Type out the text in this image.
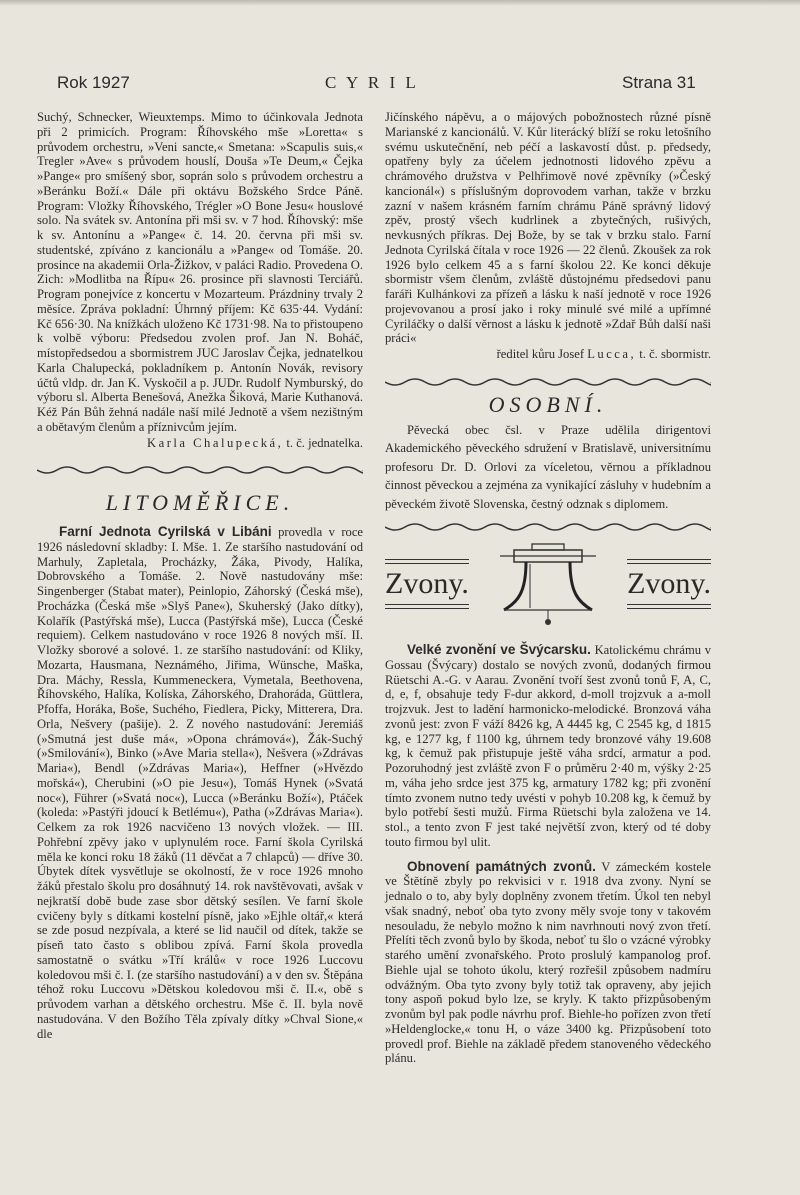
Rok 1927	C Y R I L	Strana 31

Suchý, Schnecker, Wieuxtemps. Mimo to účinkovala Jednota při 2 primicích. Program: Říhovského mše »Loretta« s průvodem orchestru, »Veni sancte,« Smetana: »Scapulis suis,« Tregler »Ave« s průvodem houslí, Douša »Te Deum,« Čejka »Pange« pro smíšený sbor, soprán solo s průvodem orchestru a »Beránku Boží.« Dále při oktávu Božského Srdce Páně. Program: Vložky Říhovského, Trégler »O Bone Jesu« houslové solo. Na svátek sv. Antonína při mši sv. v 7 hod. Říhovský: mše k sv. Antonínu a »Pange« č. 14. 20. června při mši sv. studentské, zpíváno z kancionálu a »Pange« od Tomáše. 20. prosince na akademii Orla-Žižkov, v paláci Radio. Provedena O. Zich: »Modlitba na Řípu« 26. prosince při slavnosti Terciářů. Program ponejvíce z koncertu v Mozarteum. Prázdniny trvaly 2 měsíce. Zpráva pokladní: Úhrnný příjem: Kč 635·44. Vydání: Kč 656·30. Na knížkách uloženo Kč 1731·98. Na to přistoupeno k volbě výboru: Předsedou zvolen prof. Jan N. Boháč, místopředsedou a sbormistrem JUC Jaroslav Čejka, jednatelkou Karla Chalupecká, pokladníkem p. Antonín Novák, revisory účtů vldp. dr. Jan K. Vyskočil a p. JUDr. Rudolf Nymburský, do výboru sl. Alberta Benešová, Anežka Šiková, Marie Kuthanová. Kéž Pán Bůh žehná nadále naší milé Jednotě a všem nezištným a obětavým členům a příznivcům jejím.

Karla Chalupecká, t. č. jednatelka.

LITOMĚŘICE.

Farní Jednota Cyrilská v Libáni provedla v roce 1926 následovní skladby: I. Mše. 1. Ze staršího nastudování od Marhuly, Zapletala, Procházky, Žáka, Pivody, Halíka, Dobrovského a Tomáše. 2. Nově nastudovány mše: Singenberger (Stabat mater), Peinlopio, Záhorský (Česká mše), Procházka (Česká mše »Slyš Pane«), Skuherský (Jako dítky), Kolařík (Pastýřská mše), Lucca (Pastýřská mše), Lucca (České requiem). Celkem nastudováno v roce 1926 8 nových mší. II. Vložky sborové a solové. 1. ze staršího nastudování: od Kliky, Mozarta, Hausmana, Neznámého, Jiřima, Wünsche, Maška, Dra. Máchy, Ressla, Kummeneckera, Vymetala, Beethovena, Říhovského, Halíka, Kolíska, Záhorského, Drahoráda, Güttlera, Pfoffa, Horáka, Boše, Suchého, Fiedlera, Picky, Mitterera, Dra. Orla, Nešvery (pašije). 2. Z nového nastudování: Jeremiáš (»Smutná jest duše má«, »Opona chrámová«), Žák-Suchý (»Smilování«), Binko (»Ave Maria stella«), Nešvera (»Zdrávas Maria«), Bendl (»Zdrávas Maria«), Heffner (»Hvězdo mořská«), Cherubini (»O pie Jesu«), Tomáš Hynek (»Svatá noc«), Führer (»Svatá noc«), Lucca (»Beránku Boží«), Ptáček (koleda: »Pastýři jdoucí k Betlému«), Patha (»Zdrávas Maria«). Celkem za rok 1926 nacvičeno 13 nových vložek. — III. Pohřební zpěvy jako v uplynulém roce. Farní škola Cyrilská měla ke konci roku 18 žáků (11 děvčat a 7 chlapců) — dříve 30. Úbytek dítek vysvětluje se okolností, že v roce 1926 mnoho žáků přestalo školu pro dosáhnutý 14. rok navštěvovati, avšak v nejkratší době bude zase sbor dětský sesílen. Ve farní škole cvičeny byly s dítkami kostelní písně, jako »Ejhle oltář,« která se zde posud nezpívala, a které se lid naučil od dítek, takže se píseň tato často s oblibou zpívá. Farní škola provedla samostatně o svátku »Tří králů« v roce 1926 Luccovu koledovou mši č. I. (ze staršího nastudování) a v den sv. Štěpána téhož roku Luccovu »Dětskou koledovou mši č. II.«, obě s průvodem varhan a dětského orchestru. Mše č. II. byla nově nastudována. V den Božího Těla zpívaly dítky »Chval Sione,« dle

Jičínského nápěvu, a o májových pobožnostech různé písně Marianské z kancionálů. V. Kůr literácký blíží se roku letošního svému uskutečnění, neb péčí a laskavostí důst. p. předsedy, opatřeny byly za účelem jednotnosti lidového zpěvu a chrámového družstva v Pelhřimově nové zpěvníky (»Český kancionál«) s příslušným doprovodem varhan, takže v brzku zazní v našem krásném farním chrámu Páně správný lidový zpěv, prostý všech kudrlinek a zbytečných, rušivých, nevkusných příkras. Dej Bože, by se tak v brzku stalo. Farní Jednota Cyrilská čítala v roce 1926 — 22 členů. Zkoušek za rok 1926 bylo celkem 45 a s farní školou 22. Ke konci děkuje sbormistr všem členům, zvláště důstojnému předsedovi panu faráři Kulhánkovi za přízeň a lásku k naší jednotě v roce 1926 projevovanou a prosí jako i roky minulé své milé a upřímné Cyriláčky o další věrnost a lásku k jednotě »Zdař Bůh další naši práci«

ředitel kůru Josef Lucca, t. č. sbormistr.

OSOBNÍ.

Pěvecká obec čsl. v Praze udělila dirigentovi Akademického pěveckého sdružení v Bratislavě, universitnímu profesoru Dr. D. Orlovi za víceletou, věrnou a příkladnou činnost pěveckou a zejména za vynikající zásluhy v hudebním a pěveckém životě Slovenska, čestný odznak s diplomem.

Zvony.	Zvony.

Velké zvonění ve Švýcarsku. Katolickému chrámu v Gossau (Švýcary) dostalo se nových zvonů, dodaných firmou Rüetschi A.-G. v Aarau. Zvonění tvoří šest zvonů tonů F, A, C, d, e, f, obsahuje tedy F-dur akkord, d-moll trojzvuk a a-moll trojzvuk. Jest to ladění harmonicko-melodické. Bronzová váha zvonů jest: zvon F váží 8426 kg, A 4445 kg, C 2545 kg, d 1815 kg, e 1277 kg, f 1100 kg, úhrnem tedy bronzové váhy 19.608 kg, k čemuž pak přistupuje ještě váha srdcí, armatur a pod. Pozoruhodný jest zvláště zvon F o průměru 2·40 m, výšky 2·25 m, váha jeho srdce jest 375 kg, armatury 1782 kg; při zvonění tímto zvonem nutno tedy uvésti v pohyb 10.208 kg, k čemuž by bylo potřebí šesti mužů. Firma Rüetschi byla založena ve 14. stol., a tento zvon F jest také největší zvon, který od té doby touto firmou byl ulit.

Obnovení památných zvonů. V zámeckém kostele ve Štětíně zbyly po rekvisici v r. 1918 dva zvony. Nyní se jednalo o to, aby byly doplněny zvonem třetím. Úkol ten nebyl však snadný, neboť oba tyto zvony měly svoje tony v takovém nesouladu, že nebylo možno k nim navrhnouti nový zvon třetí. Přelíti těch zvonů bylo by škoda, neboť tu šlo o vzácné výrobky starého umění zvonařského. Proto proslulý kampanolog prof. Biehle ujal se tohoto úkolu, který rozřešil způsobem nadmíru odvážným. Oba tyto zvony byly totiž tak opraveny, aby jejich tony aspoň pokud bylo lze, se kryly. K takto přizpůsobeným zvonům byl pak podle návrhu prof. Biehle-ho pořízen zvon třetí »Heldenglocke,« tonu H, o váze 3400 kg. Přizpůsobení toto provedl prof. Biehle na základě předem stanoveného vědeckého plánu.
